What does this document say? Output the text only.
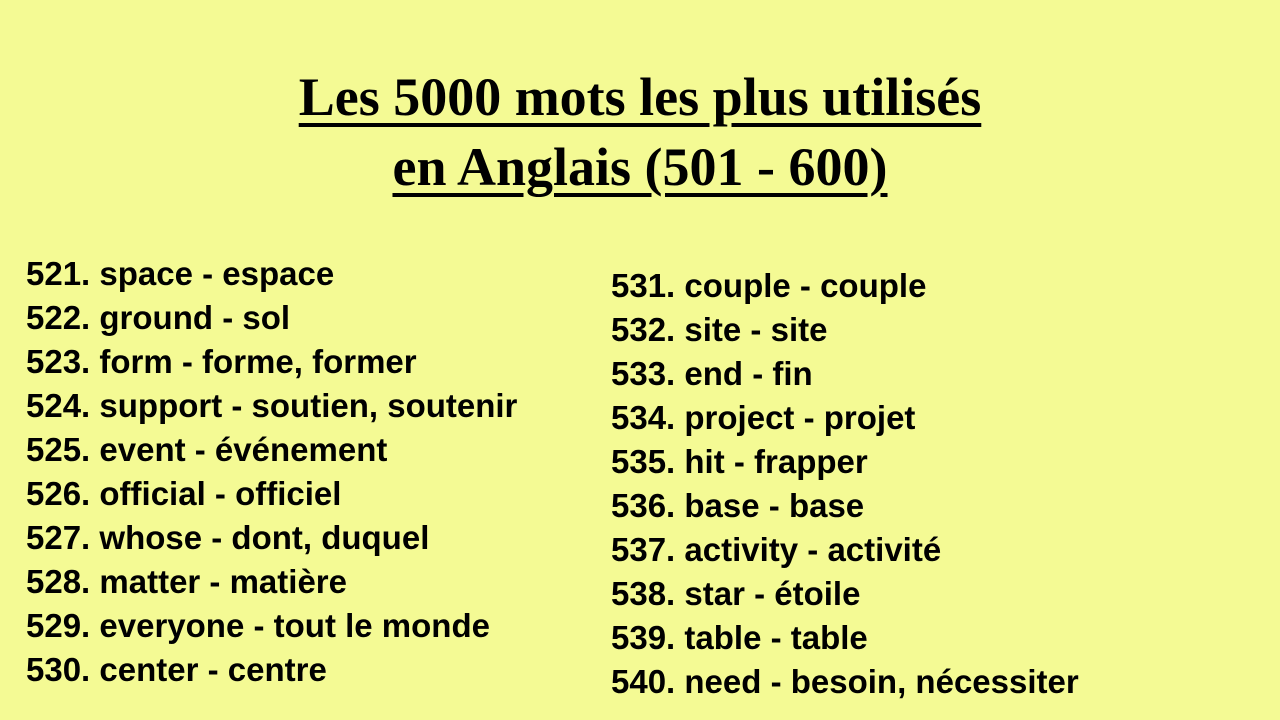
Les 5000 mots les plus utilisés
en Anglais (501 - 600)
521. space - espace
522. ground - sol
523. form - forme, former
524. support - soutien, soutenir
525. event - événement
526. official - officiel
527. whose - dont, duquel
528. matter - matière
529. everyone - tout le monde
530. center - centre
531. couple - couple
532. site - site
533. end - fin
534. project - projet
535. hit - frapper
536. base - base
537. activity - activité
538. star - étoile
539. table - table
540. need - besoin, nécessiter
